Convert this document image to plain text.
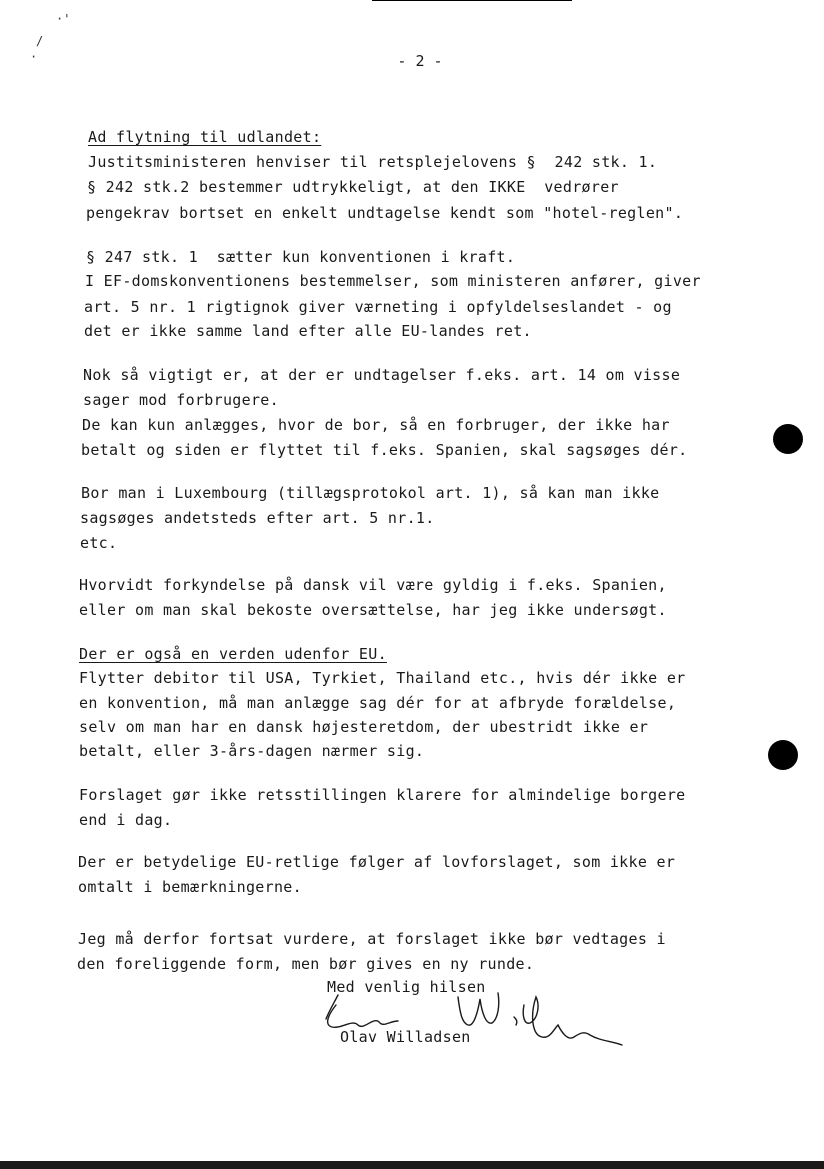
·'
/
·	- 2 -
Ad flytning til udlandet:
Justitsministeren henviser til retsplejelovens §  242 stk. 1.
§ 242 stk.2 bestemmer udtrykkeligt, at den IKKE  vedrører
pengekrav bortset en enkelt undtagelse kendt som "hotel-reglen".
§ 247 stk. 1  sætter kun konventionen i kraft.
I EF-domskonventionens bestemmelser, som ministeren anfører, giver
art. 5 nr. 1 rigtignok giver værneting i opfyldelseslandet - og
det er ikke samme land efter alle EU-landes ret.
Nok så vigtigt er, at der er undtagelser f.eks. art. 14 om visse
sager mod forbrugere.
De kan kun anlægges, hvor de bor, så en forbruger, der ikke har
betalt og siden er flyttet til f.eks. Spanien, skal sagsøges dér.
Bor man i Luxembourg (tillægsprotokol art. 1), så kan man ikke
sagsøges andetsteds efter art. 5 nr.1.
etc.
Hvorvidt forkyndelse på dansk vil være gyldig i f.eks. Spanien,
eller om man skal bekoste oversættelse, har jeg ikke undersøgt.
Der er også en verden udenfor EU.
Flytter debitor til USA, Tyrkiet, Thailand etc., hvis dér ikke er
en konvention, må man anlægge sag dér for at afbryde forældelse,
selv om man har en dansk højesteretdom, der ubestridt ikke er
betalt, eller 3-års-dagen nærmer sig.
Forslaget gør ikke retsstillingen klarere for almindelige borgere
end i dag.
Der er betydelige EU-retlige følger af lovforslaget, som ikke er
omtalt i bemærkningerne.
Jeg må derfor fortsat vurdere, at forslaget ikke bør vedtages i
den foreliggende form, men bør gives en ny runde.
Med venlig hilsen
Olav Willadsen
